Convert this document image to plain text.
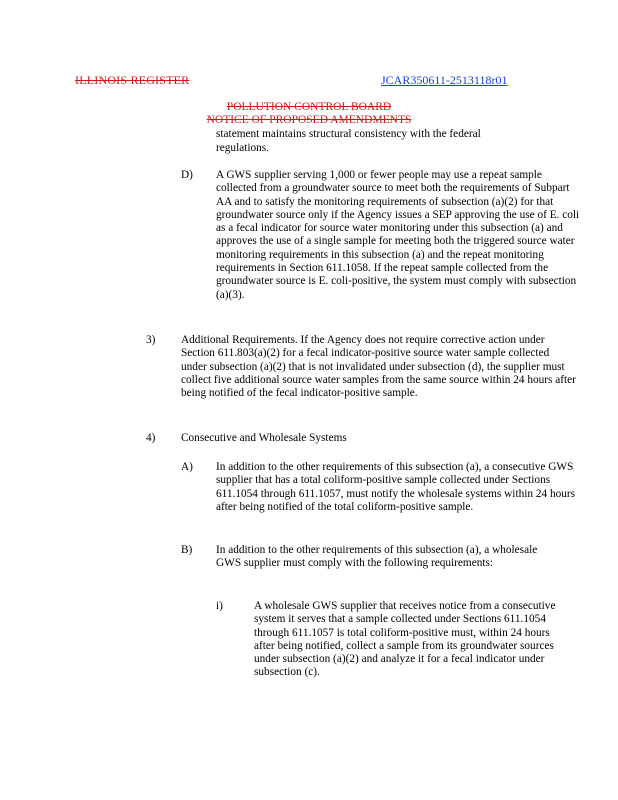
ILLINOIS REGISTER	JCAR350611-2513118r01
POLLUTION CONTROL BOARD
NOTICE OF PROPOSED AMENDMENTS
statement maintains structural consistency with the federal
regulations.
D) A GWS supplier serving 1,000 or fewer people may use a repeat sample collected from a groundwater source to meet both the requirements of Subpart AA and to satisfy the monitoring requirements of subsection (a)(2) for that groundwater source only if the Agency issues a SEP approving the use of E. coli as a fecal indicator for source water monitoring under this subsection (a) and approves the use of a single sample for meeting both the triggered source water monitoring requirements in this subsection (a) and the repeat monitoring requirements in Section 611.1058. If the repeat sample collected from the groundwater source is E. coli-positive, the system must comply with subsection (a)(3).
3) Additional Requirements. If the Agency does not require corrective action under Section 611.803(a)(2) for a fecal indicator-positive source water sample collected under subsection (a)(2) that is not invalidated under subsection (d), the supplier must collect five additional source water samples from the same source within 24 hours after being notified of the fecal indicator-positive sample.
4) Consecutive and Wholesale Systems
A) In addition to the other requirements of this subsection (a), a consecutive GWS supplier that has a total coliform-positive sample collected under Sections 611.1054 through 611.1057, must notify the wholesale systems within 24 hours after being notified of the total coliform-positive sample.
B) In addition to the other requirements of this subsection (a), a wholesale GWS supplier must comply with the following requirements:
i)	A wholesale GWS supplier that receives notice from a consecutive system it serves that a sample collected under Sections 611.1054 through 611.1057 is total coliform-positive must, within 24 hours after being notified, collect a sample from its groundwater sources under subsection (a)(2) and analyze it for a fecal indicator under subsection (c).
